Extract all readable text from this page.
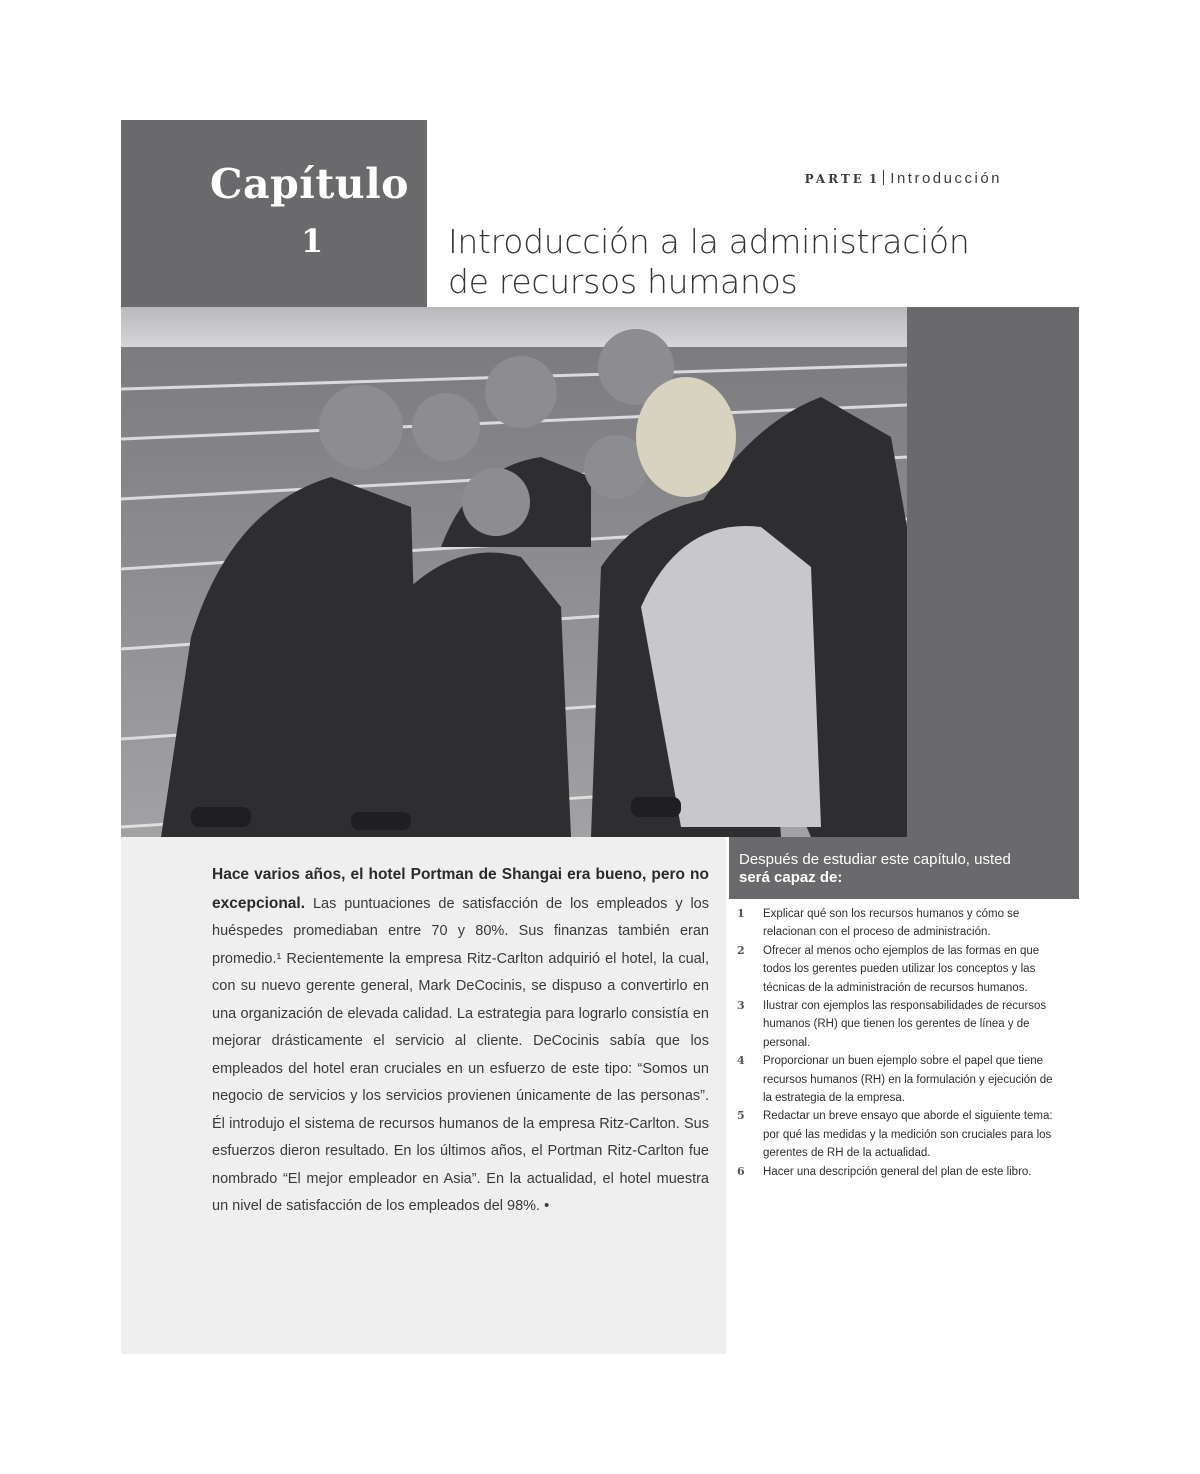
Capítulo
1
PARTE 1 Introducción
Introducción a la administración
de recursos humanos

Hace varios años, el hotel Portman de Shangai era bueno, pero no excepcional. Las puntuaciones de satisfacción de los empleados y los huéspedes promediaban entre 70 y 80%. Sus finanzas también eran promedio.¹ Recientemente la empresa Ritz-Carlton adquirió el hotel, la cual, con su nuevo gerente general, Mark DeCocinis, se dispuso a convertirlo en una organización de elevada calidad. La estrategia para lograrlo consistía en mejorar drásticamente el servicio al cliente. DeCocinis sabía que los empleados del hotel eran cruciales en un esfuerzo de este tipo: “Somos un negocio de servicios y los servicios provienen únicamente de las personas”. Él introdujo el sistema de recursos humanos de la empresa Ritz-Carlton. Sus esfuerzos dieron resultado. En los últimos años, el Portman Ritz-Carlton fue nombrado “El mejor empleador en Asia”. En la actualidad, el hotel muestra un nivel de satisfacción de los empleados del 98%. •

Después de estudiar este capítulo, usted
será capaz de:
1	Explicar qué son los recursos humanos y cómo se relacionan con el proceso de administración.
2	Ofrecer al menos ocho ejemplos de las formas en que todos los gerentes pueden utilizar los conceptos y las técnicas de la administración de recursos humanos.
3	Ilustrar con ejemplos las responsabilidades de recursos humanos (RH) que tienen los gerentes de línea y de personal.
4	Proporcionar un buen ejemplo sobre el papel que tiene recursos humanos (RH) en la formulación y ejecución de la estrategia de la empresa.
5	Redactar un breve ensayo que aborde el siguiente tema: por qué las medidas y la medición son cruciales para los gerentes de RH de la actualidad.
6	Hacer una descripción general del plan de este libro.
